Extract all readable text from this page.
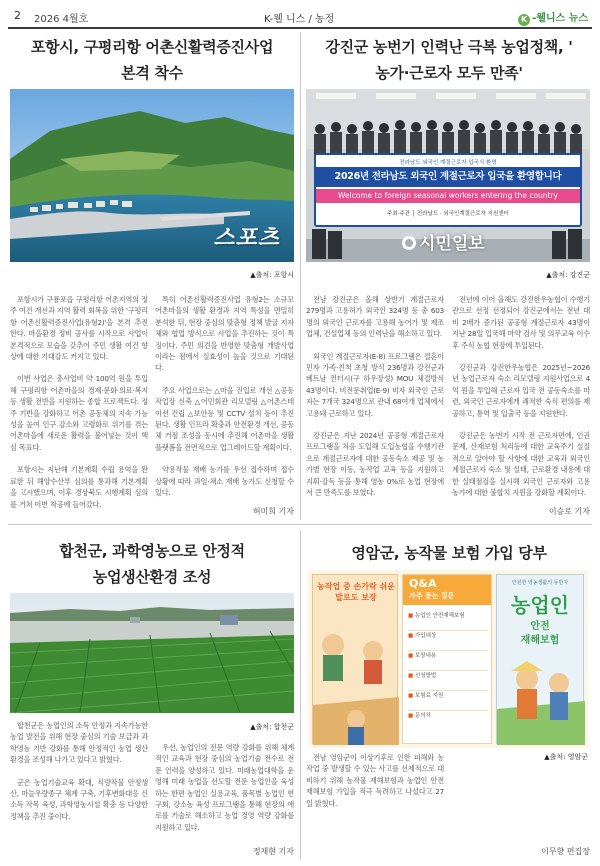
2 2026 4월호	K-웰 니스 / 농정	K -웰니스 뉴스
포항시, 구평리항 어촌신활력증진사업
본격 착수
스포츠
▲출처: 포항시

포항시가 구룡포읍 구평리항 어촌지역의 정주 여건 개선과 지역 활력 회복을 위한 '구평리항 어촌신활력증진사업(유형2)'을 본격 추진한다. 마을환경 정비 공사를 시작으로 사업이 본격적으로 모습을 갖추어 주민 생활 여건 향상에 대한 기대감도 커지고 있다.

이번 사업은 총사업비 약 100억 원을 투입해 구평리항 어촌마을의 경제·문화·의료·복지 등 생활 전반을 지원하는 종합 프로젝트다. 정주 기반을 강화하고 어촌 공동체의 지속 가능성을 높여 인구 감소와 고령화로 위기를 겪는 어촌마을에 새로운 활력을 불어넣는 것이 핵심 목표다.

포항시는 지난해 기본계획 수립 용역을 완료한 뒤 해양수산부 심의를 통과해 기본계획을 고시했으며, 이후 경상북도 시행계획 심의를 거쳐 이번 착공에 들어갔다.

특히 어촌신활력증진사업 유형2는 소규모 어촌마을의 생활 환경과 지역 특성을 면밀히 분석한 뒤, 현장 중심의 맞춤형 정책 발굴 지자체와 협업 방식으로 사업을 추진하는 것이 특징이다. 주민 의견을 반영한 맞춤형 개발사업이라는 점에서 실효성이 높을 것으로 기대된다.

주요 사업으로는 △마을 진입로 개선 △공동작업장 신축 △어민회관 리모델링 △어촌스테이션 건립 △보안등 및 CCTV 설치 등이 추진된다. 생활 인프라 확충과 안전환경 개선, 공동체 거점 조성을 동시에 추진해 어촌마을 생활 플랫폼을 전면적으로 업그레이드할 계획이다.

약용작물 재배 농가를 우선 접수하며 접수 상황에 따라 과일·채소 재배 농가도 신청할 수 있다.

허미희 기자
강진군 농번기 인력난 극복 농업정책, '
농가·근로자 모두 만족'
전라남도 외국인 계절근로자 입국식 환영
2026년 전라남도 외국인 계절근로자 입국을 환영합니다
Welcome to foreign seasonal workers entering the country
주최·주관 │ 전라남도 · 외국인계절근로자 지원센터
시민일보
▲출처: 강진군

전남 강진군은 올해 상반기 계절근로자 279명과 고용허가 외국인 324명 등 총 603명의 외국인 근로자를 고용해 농어가 및 제조업체, 건설업체 등의 인력난을 해소하고 있다.

외국인 계절근로자(E-8) 프로그램은 결혼이민자 가족·친척 초청 방식 236명과 강진군과 베트남 껀터시(구 하우장성) MOU 체결방식 43명이다. 비전문취업(E-9) 비자 외국인 근로자는 7개국 324명으로 관내 68여개 업체에서 고용돼 근로하고 있다.

강진군은 지난 2024년 공공형 계절근로자 프로그램을 처음 도입해 도입농협을 수행기관으로 계절근로자에 대한 공동숙소 제공 및 농가별 현장 이동, 농작업 교육 등을 지원하고 지휘·감독 등을 통해 영농 0%로 농업 현장에서 큰 만족도를 보였다.

전년에 이어 올해도 강진한우농협이 수행기관으로 선정 선정되어 강진군에서는 전년 대비 2배가 증가된 공공형 계절근로자 43명이 지난 28일 입국해 마약 검사 및 의무교육 이수 후 주식 농협 현장에 투입된다.

강진군과 강진한우농협은 2025년~2026년 농업근로자 숙소 리모델링 지원사업으로 4억 원을 투입해 근로자 입국 전 공동숙소를 마련, 외국인 근로자에게 쾌적한 숙식 편의를 제공하고, 통역 및 입출국 등을 지원한다.

강진군은 농번기 시작 전 근로자편에, 인권문제, 산재보험 처리등에 대한 교육주기 실질적으로 알아야 할 사항에 대한 교육과 외국인 계절근로자 숙소 및 실태, 근로환경 내용에 대한 실태점검을 실시해 외국인 근로자와 고용농가에 대한 불합치 지원을 강화할 계획이다.

이승로 기자
합천군, 과학영농으로 안정적
농업생산환경 조성
▲출처: 합천군

합천군은 농업인의 소득 안정과 지속가능한 농업 발전을 위해 현장 중심의 기술 보급과 과학영농 기반 강화를 통해 안정적인 농업 생산 환경을 조성해 나가고 있다고 밝혔다.

군은 농업기술교육 확대, 식량작물 안정생산, 마늘우량종구 체계 구축, 기후변화대응 신소득 작목 육성, 과학영농시설 확충 등 다양한 정책을 추진 중이다.

우선, 농업인의 전문 역량 강화를 위해 체계적인 교육과 현장 중심의 농업기술 전수로 전문 인력을 양성하고 있다. 미래농업대학을 운영해 미래 농업을 선도할 전문 농업인을 육성하는 한편 농업인 실용교육, 품목별 농업인 연구회, 강소농 육성 프로그램을 통해 현장의 애로를 기술로 해소하고 농업 경영 역량 강화를 지원하고 있다.

정재현 기자
영암군, 농작물 보험 가입 당부
농작업 중 손가락 쉬운 말로도 보장
Q&A
자주 묻는 질문
■ 농업인 안전재해보험
■ 가입대상
■ 보장내용
■ 신청방법
■ 보험료 지원
■ 문의처
안전한 영농생활의 동반자
농업인
안전
재해보험
▲출처: 영암군

전남 영암군이 이상기후로 인한 피해와 농작업 중 발생할 수 있는 사고를 선제적으로 대비하기 위해 농작물 재해보험과 농업인 안전재해보험 가입을 적극 독려하고 나섰다고 27일 밝혔다.

이무향 편집장
